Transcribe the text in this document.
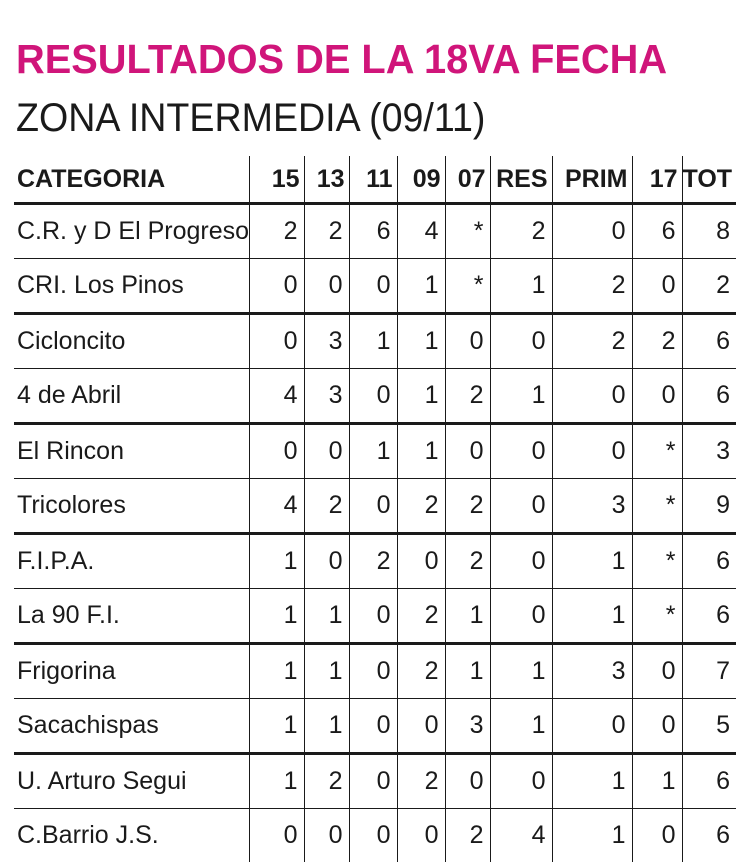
RESULTADOS DE LA 18VA FECHA
ZONA INTERMEDIA (09/11)
CATEGORIA	15	13	11	09	07	RES	PRIM	17	TOT
C.R. y D El Progreso	2	2	6	4	*	2	0	6	8
CRI. Los Pinos	0	0	0	1	*	1	2	0	2
Cicloncito	0	3	1	1	0	0	2	2	6
4 de Abril	4	3	0	1	2	1	0	0	6
El Rincon	0	0	1	1	0	0	0	*	3
Tricolores	4	2	0	2	2	0	3	*	9
F.I.P.A.	1	0	2	0	2	0	1	*	6
La 90 F.I.	1	1	0	2	1	0	1	*	6
Frigorina	1	1	0	2	1	1	3	0	7
Sacachispas	1	1	0	0	3	1	0	0	5
U. Arturo Segui	1	2	0	2	0	0	1	1	6
C.Barrio J.S.	0	0	0	0	2	4	1	0	6
